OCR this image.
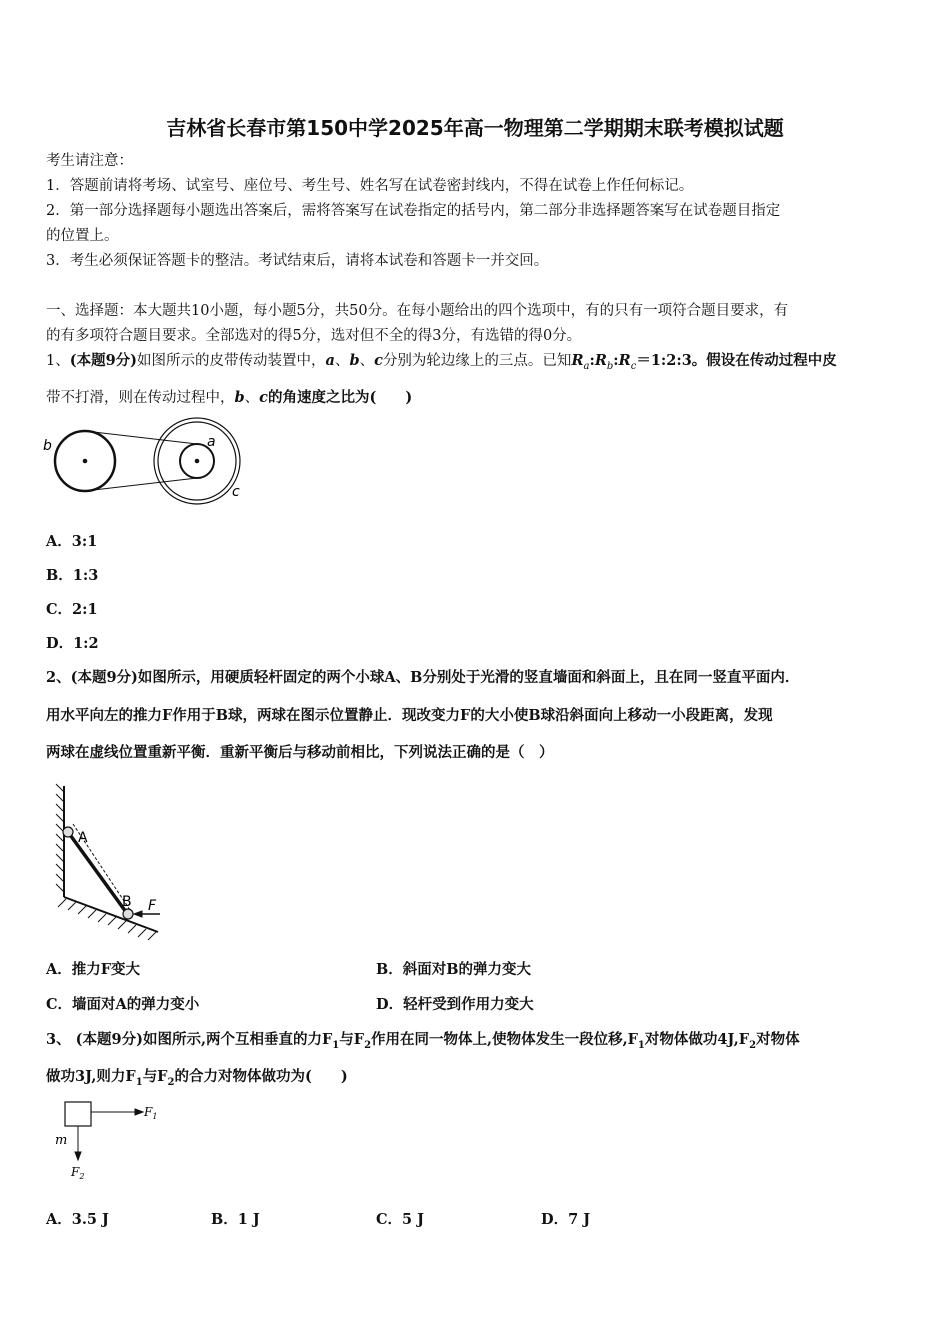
吉林省长春市第150中学2025年高一物理第二学期期末联考模拟试题
考生请注意：
1．答题前请将考场、试室号、座位号、考生号、姓名写在试卷密封线内，不得在试卷上作任何标记。
2．第一部分选择题每小题选出答案后，需将答案写在试卷指定的括号内，第二部分非选择题答案写在试卷题目指定
的位置上。
3．考生必须保证答题卡的整洁。考试结束后，请将本试卷和答题卡一并交回。
一、选择题：本大题共10小题，每小题5分，共50分。在每小题给出的四个选项中，有的只有一项符合题目要求，有
的有多项符合题目要求。全部选对的得5分，选对但不全的得3分，有选错的得0分。
1、(本题9分)如图所示的皮带传动装置中，a、b、c分别为轮边缘上的三点。已知$R_a:R_b:R_c=1:2:3$。假设在传动过程中皮
带不打滑，则在传动过程中，b、c的角速度之比为(　　)
b	a
c
A．3:1
B．1:3
C．2:1
D．1:2
2、(本题9分)如图所示，用硬质轻杆固定的两个小球A、B分别处于光滑的竖直墙面和斜面上，且在同一竖直平面内．
用水平向左的推力F作用于B球，两球在图示位置静止．现改变力F的大小使B球沿斜面向上移动一小段距离，发现
两球在虚线位置重新平衡．重新平衡后与移动前相比，下列说法正确的是（　）
A
B F
A．推力F变大	B．斜面对B的弹力变大
C．墙面对A的弹力变小	D．轻杆受到作用力变大
3、 (本题9分)如图所示,两个互相垂直的力$F_1$与$F_2$作用在同一物体上,使物体发生一段位移$,F_1$对物体做功$4J,F_2$对物体
做功3J,则力$F_1$与$F_2$的合力对物体做功为(　　)
$F_1$
m
$F_2$
A．3.5 J	B．1 J	C．5 J	D．7 J
